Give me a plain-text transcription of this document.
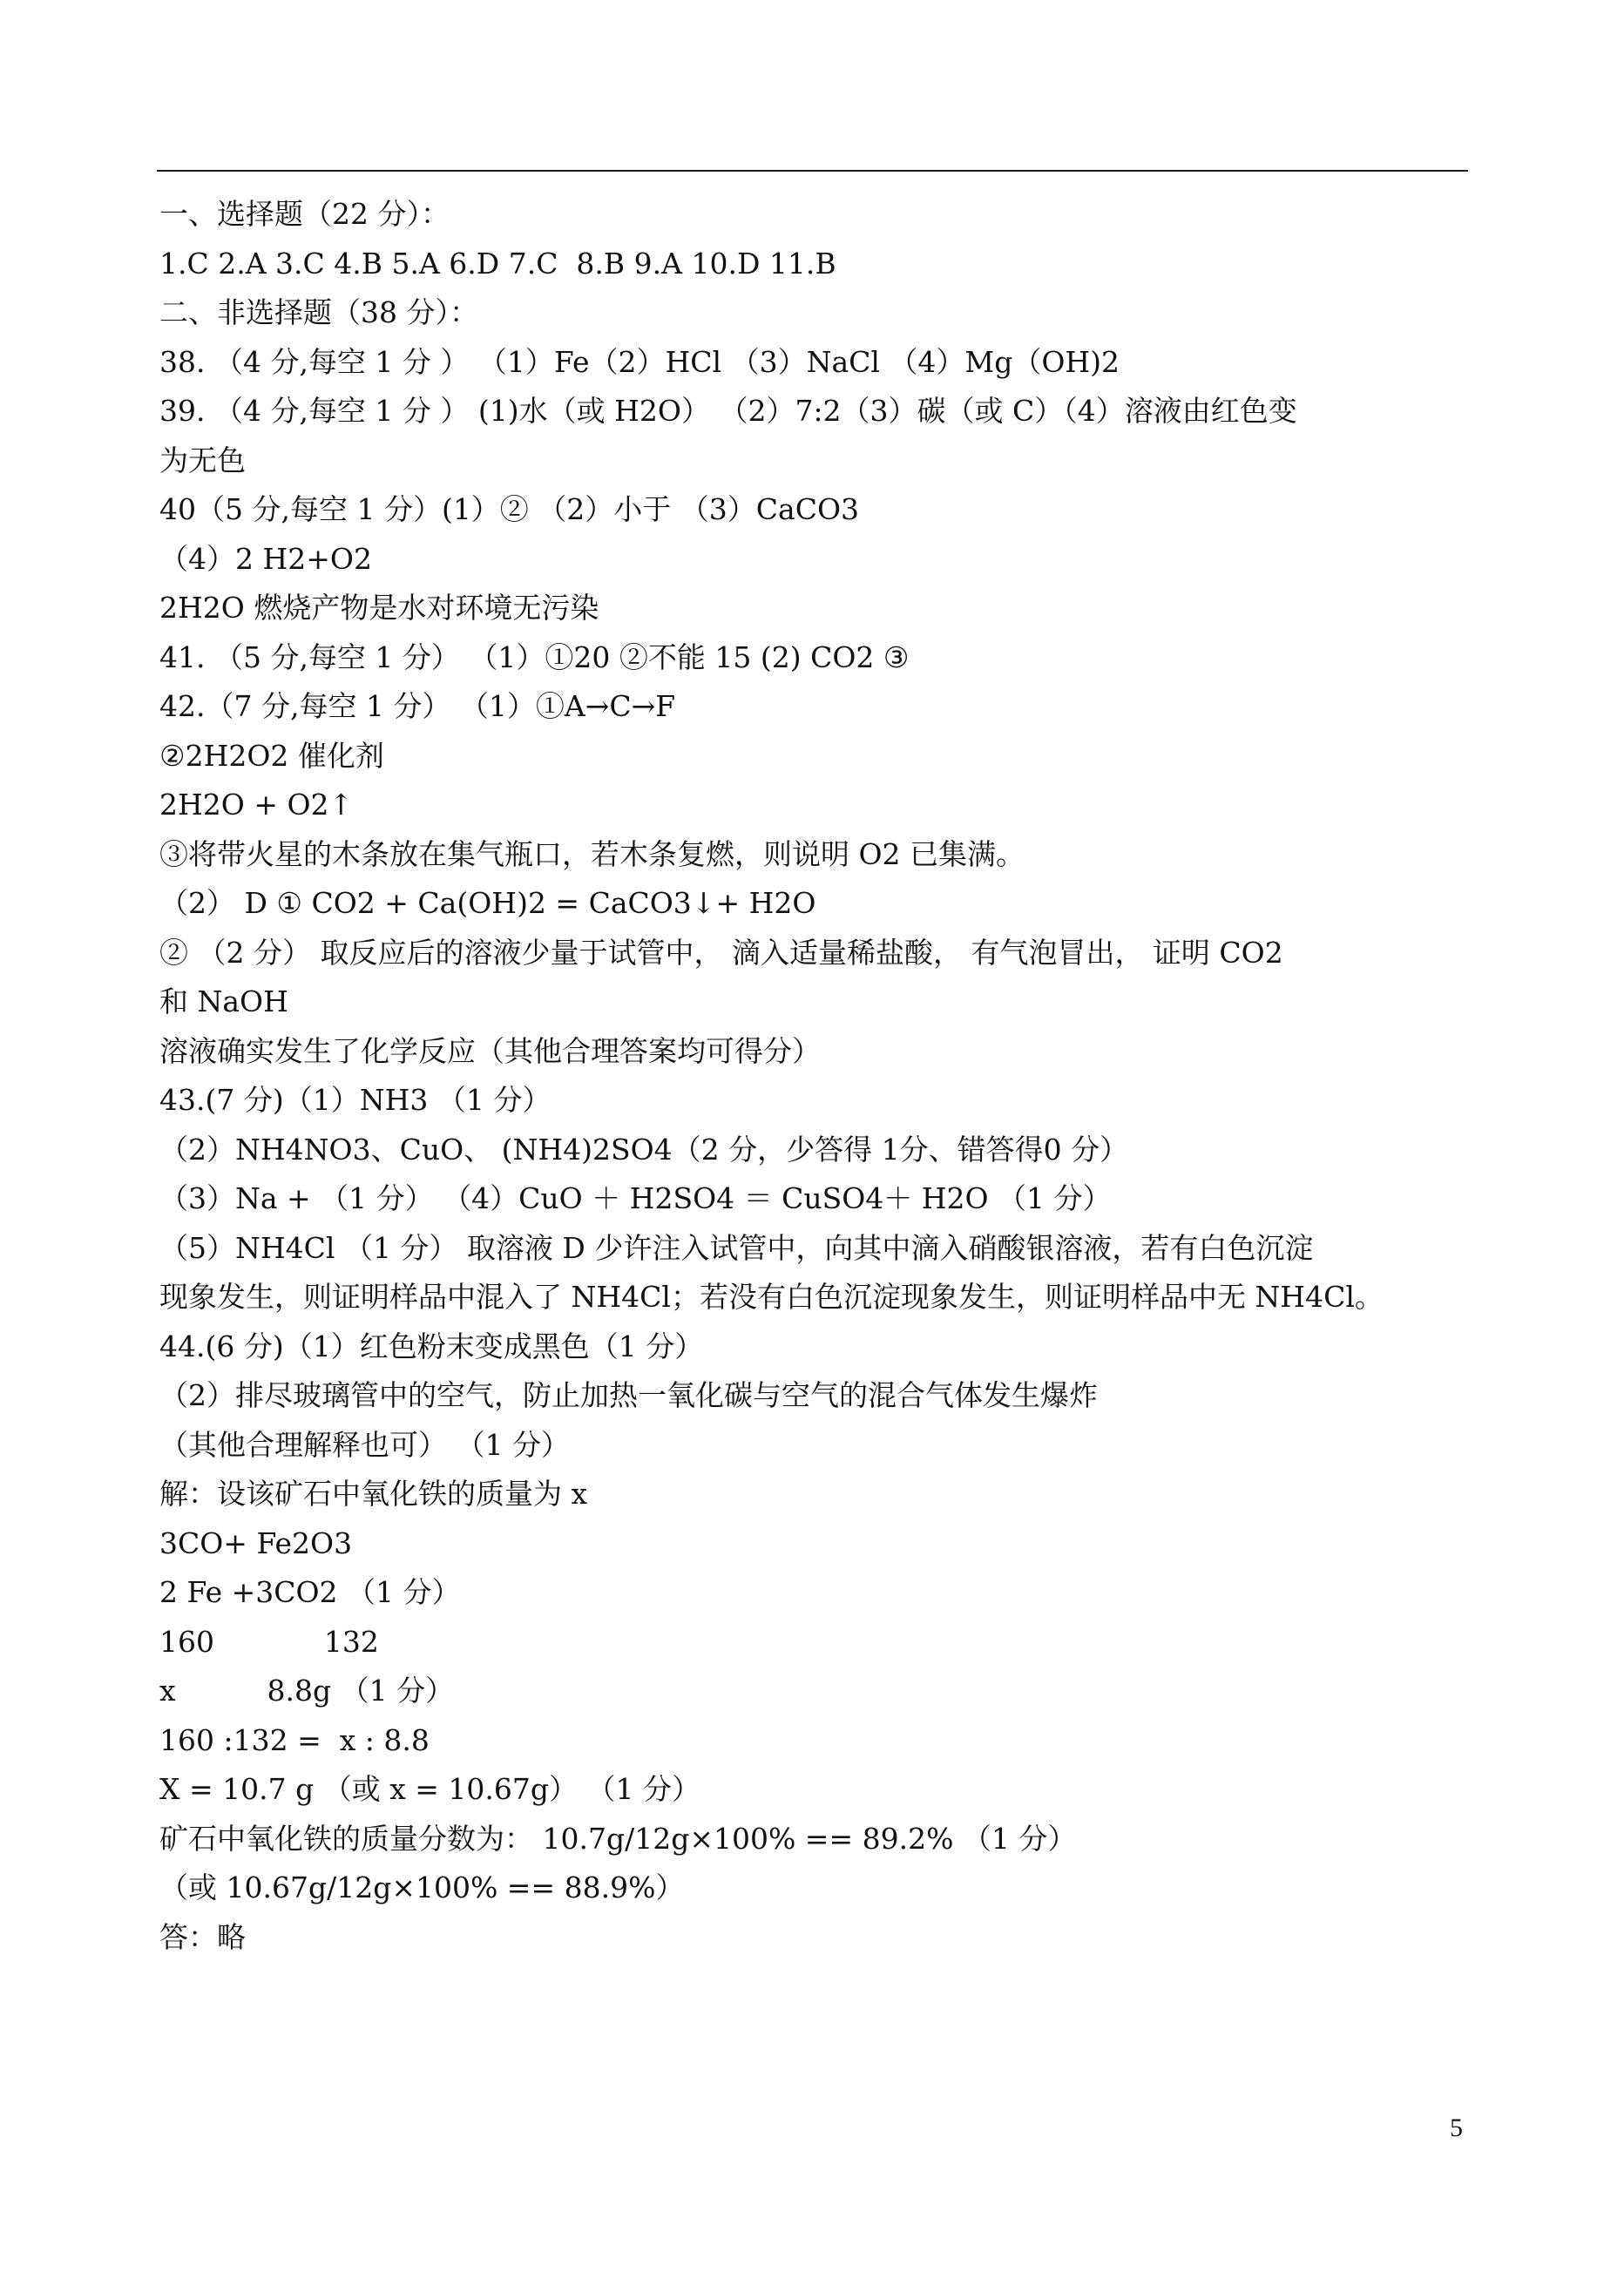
一、选择题（22 分）：
1.C 2.A 3.C 4.B 5.A 6.D 7.C  8.B 9.A 10.D 11.B
二、非选择题（38 分）：
38. （4 分,每空 1 分 ） （1）Fe（2）HCl （3）NaCl （4）Mg（OH)2
39. （4 分,每空 1 分 ） (1)水（或 H2O） （2）7:2（3）碳（或 C）（4）溶液由红色变
为无色
40（5 分,每空 1 分）(1）② （2）小于 （3）CaCO3
（4）2 H2+O2
2H2O 燃烧产物是水对环境无污染
41. （5 分,每空 1 分） （1）①20 ②不能 15 (2) CO2 ③
42.（7 分,每空 1 分） （1）①A→C→F
②2H2O2 催化剂
2H2O + O2↑
③将带火星的木条放在集气瓶口，若木条复燃，则说明 O2 已集满。
（2） D ① CO2 + Ca(OH)2 = CaCO3↓+ H2O
② （2 分） 取反应后的溶液少量于试管中， 滴入适量稀盐酸， 有气泡冒出， 证明 CO2
和 NaOH
溶液确实发生了化学反应（其他合理答案均可得分）
43.(7 分)（1）NH3 （1 分）
（2）NH4NO3、CuO、 (NH4)2SO4（2 分，少答得 1分、错答得0 分）
（3）Na + （1 分） （4）CuO ＋ H2SO4 ＝ CuSO4＋ H2O （1 分）
（5）NH4Cl （1 分） 取溶液 D 少许注入试管中，向其中滴入硝酸银溶液，若有白色沉淀
现象发生，则证明样品中混入了 NH4Cl；若没有白色沉淀现象发生，则证明样品中无 NH4Cl。
44.(6 分)（1）红色粉末变成黑色（1 分）
（2）排尽玻璃管中的空气，防止加热一氧化碳与空气的混合气体发生爆炸
（其他合理解释也可） （1 分）
解：设该矿石中氧化铁的质量为 x
3CO+ Fe2O3
2 Fe +3CO2 （1 分）
160            132
x          8.8g （1 分）
160 :132 =  x : 8.8
X = 10.7 g （或 x = 10.67g） （1 分）
矿石中氧化铁的质量分数为： 10.7g/12g×100% == 89.2% （1 分）
（或 10.67g/12g×100% == 88.9%）
答：略
5
